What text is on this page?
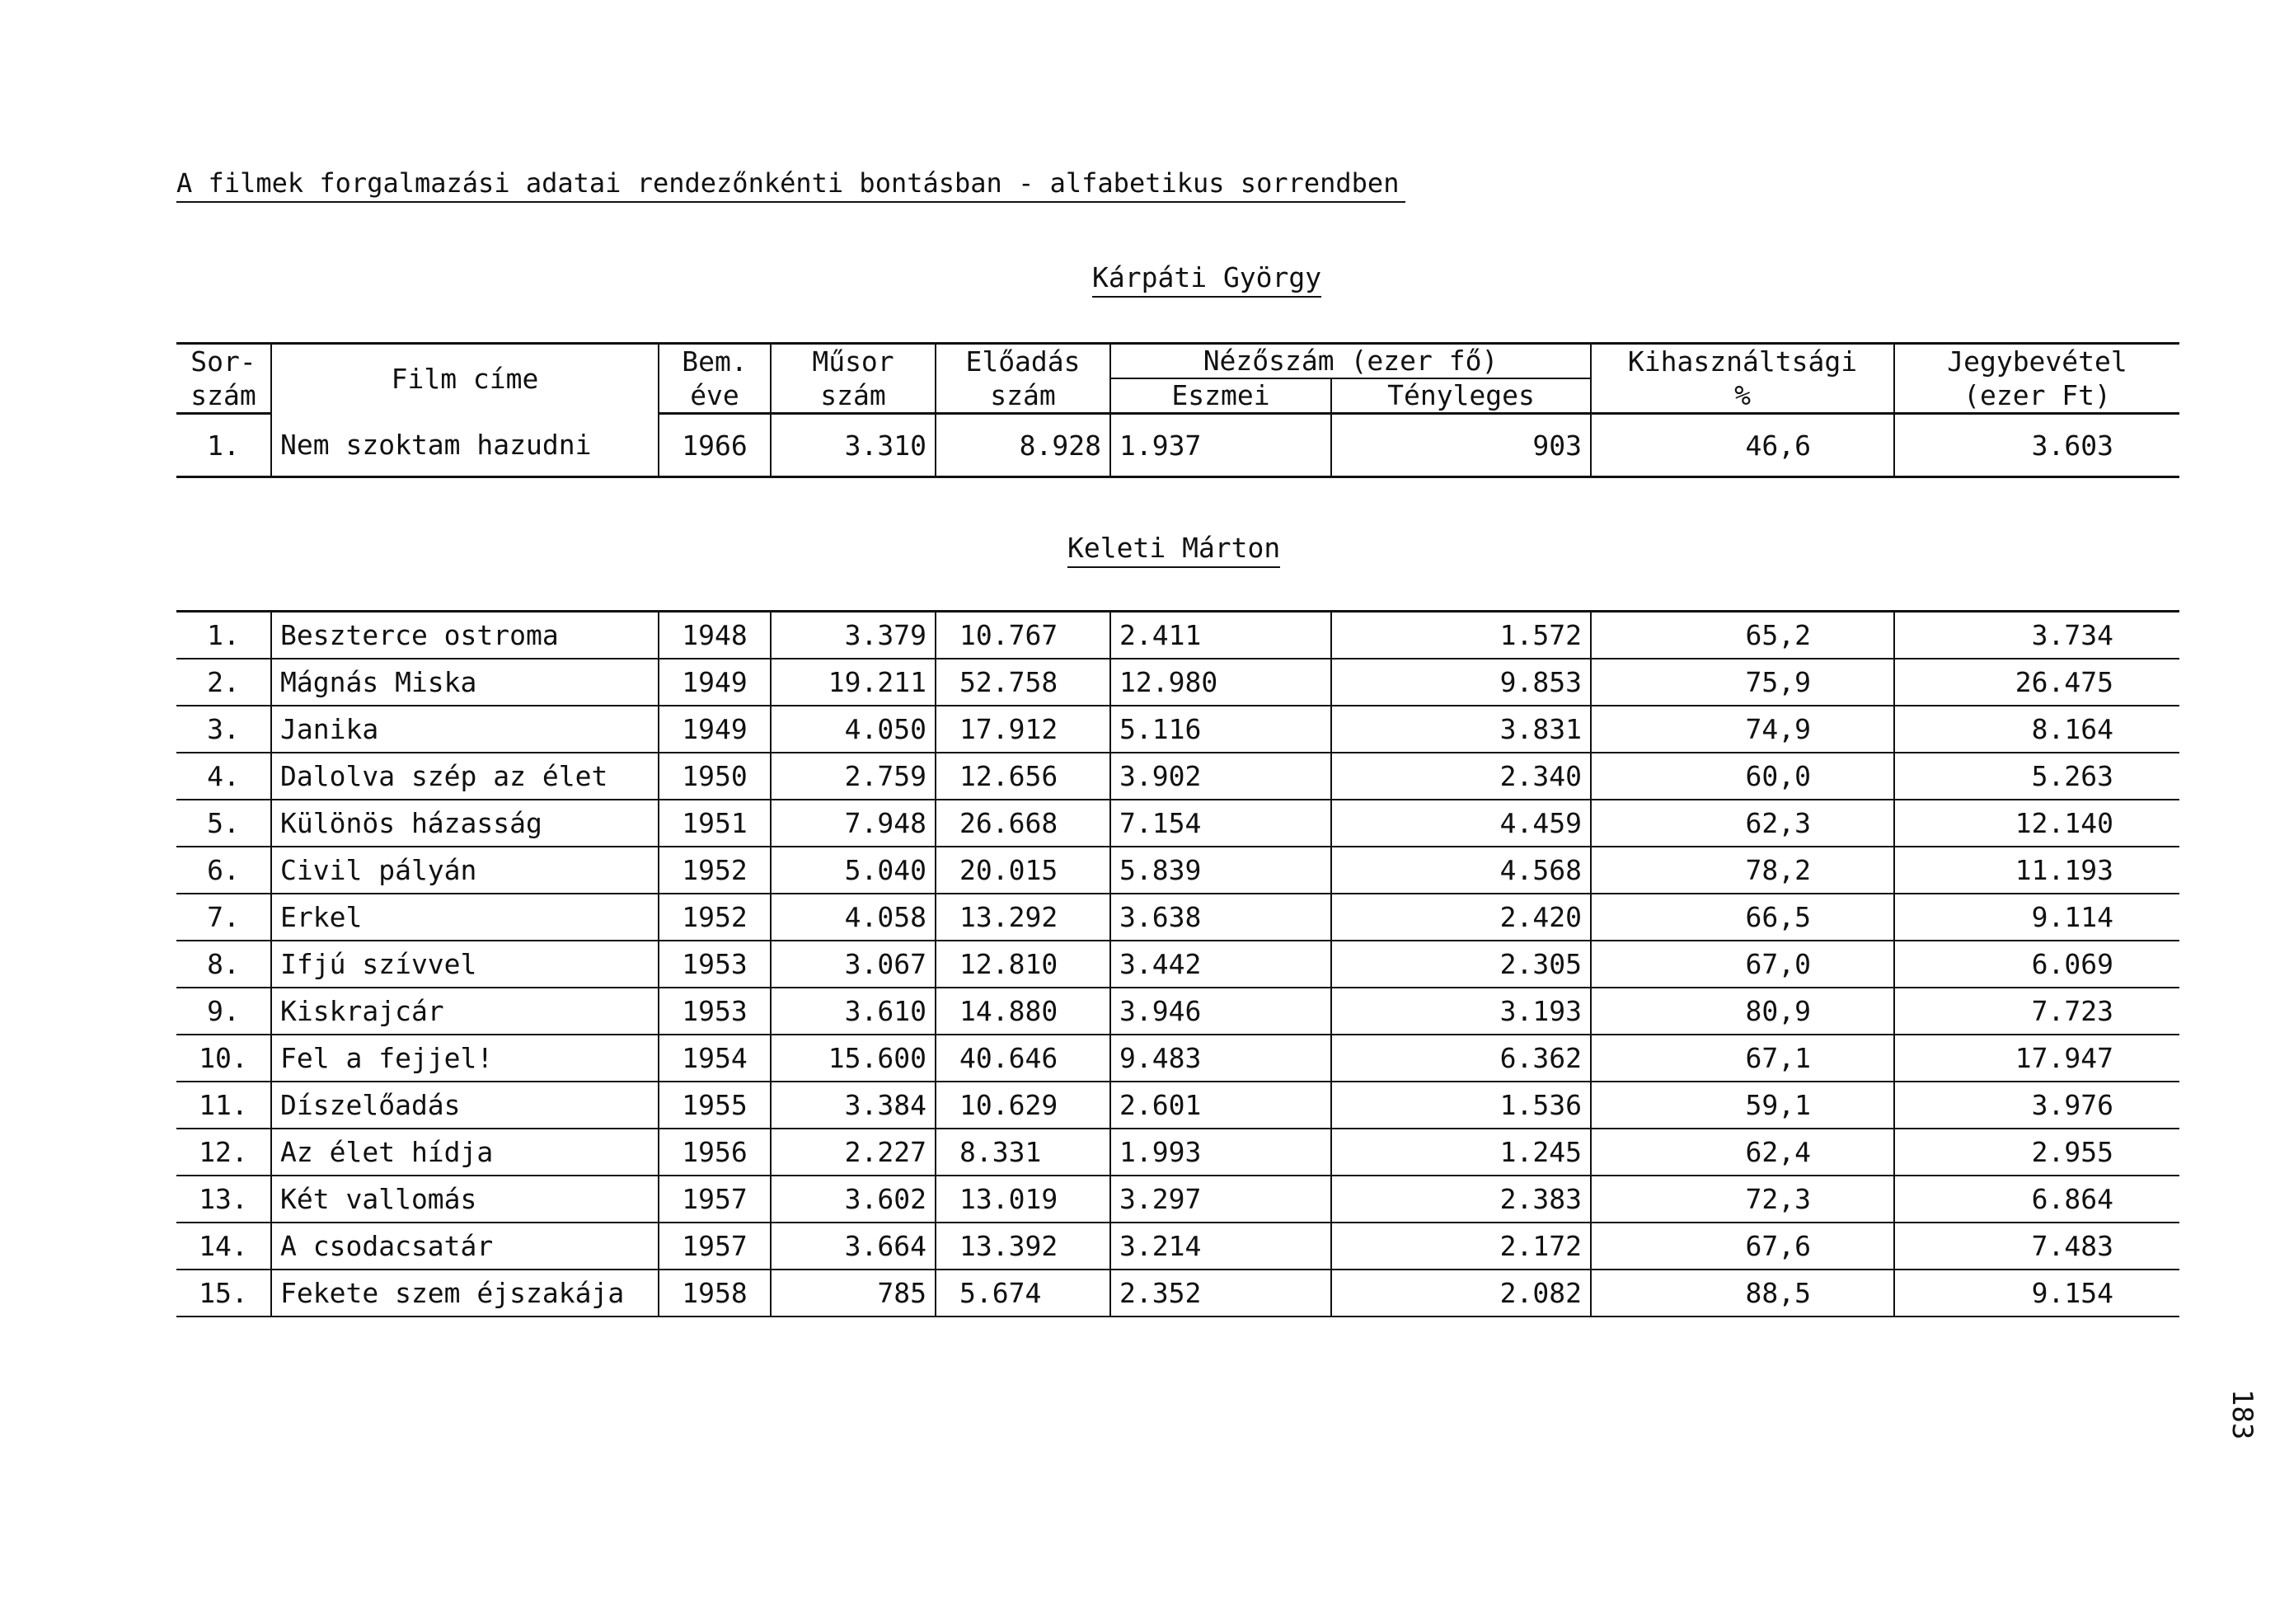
A filmek forgalmazási adatai rendezőnkénti bontásban - alfabetikus sorrendben
Kárpáti György
Sor-	Film címe	Bem.	Műsor	Előadás	Nézőszám (ezer fő)		Kihasználtsági	Jegybevétel
szám		éve	szám	szám	Eszmei	Tényleges	%	(ezer Ft)
1.	Nem szoktam hazudni	1966	3.310	8.928	1.937	903	46,6	3.603
Keleti Márton
1.	Beszterce ostroma	1948	3.379	10.767	2.411	1.572	65,2	3.734
2.	Mágnás Miska	1949	19.211	52.758	12.980	9.853	75,9	26.475
3.	Janika	1949	4.050	17.912	5.116	3.831	74,9	8.164
4.	Dalolva szép az élet	1950	2.759	12.656	3.902	2.340	60,0	5.263
5.	Különös házasság	1951	7.948	26.668	7.154	4.459	62,3	12.140
6.	Civil pályán	1952	5.040	20.015	5.839	4.568	78,2	11.193
7.	Erkel	1952	4.058	13.292	3.638	2.420	66,5	9.114
8.	Ifjú szívvel	1953	3.067	12.810	3.442	2.305	67,0	6.069
9.	Kiskrajcár	1953	3.610	14.880	3.946	3.193	80,9	7.723
10.	Fel a fejjel!	1954	15.600	40.646	9.483	6.362	67,1	17.947
11.	Díszelőadás	1955	3.384	10.629	2.601	1.536	59,1	3.976
12.	Az élet hídja	1956	2.227	8.331	1.993	1.245	62,4	2.955
13.	Két vallomás	1957	3.602	13.019	3.297	2.383	72,3	6.864
14.	A csodacsatár	1957	3.664	13.392	3.214	2.172	67,6	7.483
15.	Fekete szem éjszakája	1958	785	5.674	2.352	2.082	88,5	9.154
183
